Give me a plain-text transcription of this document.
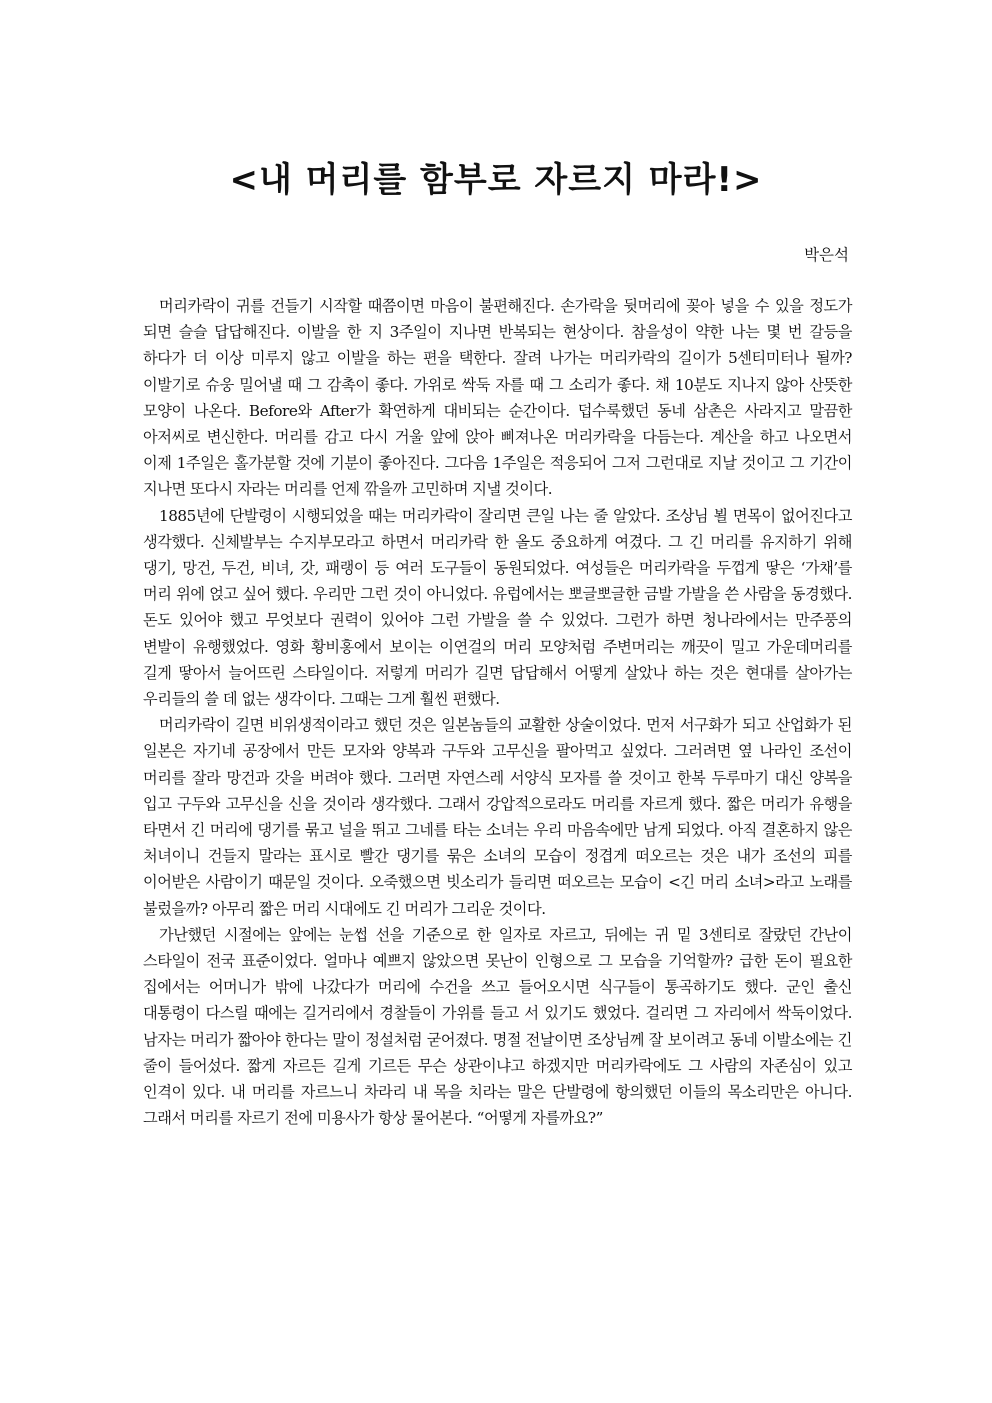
<내 머리를 함부로 자르지 마라!>

박은석

머리카락이 귀를 건들기 시작할 때쯤이면 마음이 불편해진다. 손가락을 뒷머리에 꽂아 넣을 수 있을 정도가 되면 슬슬 답답해진다. 이발을 한 지 3주일이 지나면 반복되는 현상이다. 참을성이 약한 나는 몇 번 갈등을 하다가 더 이상 미루지 않고 이발을 하는 편을 택한다. 잘려 나가는 머리카락의 길이가 5센티미터나 될까? 이발기로 슈웅 밀어낼 때 그 감촉이 좋다. 가위로 싹둑 자를 때 그 소리가 좋다. 채 10분도 지나지 않아 산뜻한 모양이 나온다. Before와 After가 확연하게 대비되는 순간이다. 덥수룩했던 동네 삼촌은 사라지고 말끔한 아저씨로 변신한다. 머리를 감고 다시 거울 앞에 앉아 삐져나온 머리카락을 다듬는다. 계산을 하고 나오면서 이제 1주일은 홀가분할 것에 기분이 좋아진다. 그다음 1주일은 적응되어 그저 그런대로 지날 것이고 그 기간이 지나면 또다시 자라는 머리를 언제 깎을까 고민하며 지낼 것이다.

1885년에 단발령이 시행되었을 때는 머리카락이 잘리면 큰일 나는 줄 알았다. 조상님 뵐 면목이 없어진다고 생각했다. 신체발부는 수지부모라고 하면서 머리카락 한 올도 중요하게 여겼다. 그 긴 머리를 유지하기 위해 댕기, 망건, 두건, 비녀, 갓, 패랭이 등 여러 도구들이 동원되었다. 여성들은 머리카락을 두껍게 땋은 ‘가채’를 머리 위에 얹고 싶어 했다. 우리만 그런 것이 아니었다. 유럽에서는 뽀글뽀글한 금발 가발을 쓴 사람을 동경했다. 돈도 있어야 했고 무엇보다 권력이 있어야 그런 가발을 쓸 수 있었다. 그런가 하면 청나라에서는 만주풍의 변발이 유행했었다. 영화 황비홍에서 보이는 이연걸의 머리 모양처럼 주변머리는 깨끗이 밀고 가운데머리를 길게 땋아서 늘어뜨린 스타일이다. 저렇게 머리가 길면 답답해서 어떻게 살았나 하는 것은 현대를 살아가는 우리들의 쓸 데 없는 생각이다. 그때는 그게 훨씬 편했다.

머리카락이 길면 비위생적이라고 했던 것은 일본놈들의 교활한 상술이었다. 먼저 서구화가 되고 산업화가 된 일본은 자기네 공장에서 만든 모자와 양복과 구두와 고무신을 팔아먹고 싶었다. 그러려면 옆 나라인 조선이 머리를 잘라 망건과 갓을 버려야 했다. 그러면 자연스레 서양식 모자를 쓸 것이고 한복 두루마기 대신 양복을 입고 구두와 고무신을 신을 것이라 생각했다. 그래서 강압적으로라도 머리를 자르게 했다. 짧은 머리가 유행을 타면서 긴 머리에 댕기를 묶고 널을 뛰고 그네를 타는 소녀는 우리 마음속에만 남게 되었다. 아직 결혼하지 않은 처녀이니 건들지 말라는 표시로 빨간 댕기를 묶은 소녀의 모습이 정겹게 떠오르는 것은 내가 조선의 피를 이어받은 사람이기 때문일 것이다. 오죽했으면 빗소리가 들리면 떠오르는 모습이 <긴 머리 소녀>라고 노래를 불렀을까? 아무리 짧은 머리 시대에도 긴 머리가 그리운 것이다.

가난했던 시절에는 앞에는 눈썹 선을 기준으로 한 일자로 자르고, 뒤에는 귀 밑 3센티로 잘랐던 간난이 스타일이 전국 표준이었다. 얼마나 예쁘지 않았으면 못난이 인형으로 그 모습을 기억할까? 급한 돈이 필요한 집에서는 어머니가 밖에 나갔다가 머리에 수건을 쓰고 들어오시면 식구들이 통곡하기도 했다. 군인 출신 대통령이 다스릴 때에는 길거리에서 경찰들이 가위를 들고 서 있기도 했었다. 걸리면 그 자리에서 싹둑이었다. 남자는 머리가 짧아야 한다는 말이 정설처럼 굳어졌다. 명절 전날이면 조상님께 잘 보이려고 동네 이발소에는 긴 줄이 들어섰다. 짧게 자르든 길게 기르든 무슨 상관이냐고 하겠지만 머리카락에도 그 사람의 자존심이 있고 인격이 있다. 내 머리를 자르느니 차라리 내 목을 치라는 말은 단발령에 항의했던 이들의 목소리만은 아니다. 그래서 머리를 자르기 전에 미용사가 항상 물어본다. “어떻게 자를까요?”
